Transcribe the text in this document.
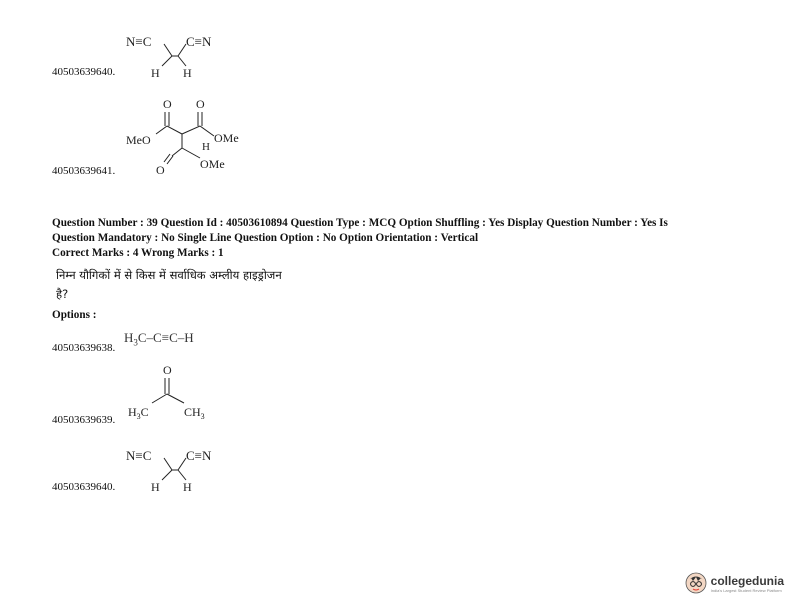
N≡C	C≡N
H H
40503639640.
O O
MeO	H
OMe
O	OMe
40503639641.
Question Number : 39 Question Id : 40503610894 Question Type : MCQ Option Shuffling : Yes Display Question Number : Yes Is
Question Mandatory : No Single Line Question Option : No Option Orientation : Vertical
Correct Marks : 4 Wrong Marks : 1
निम्न यौगिकों में से किस में सर्वाधिक अम्लीय हाइड्रोजन
है?
Options :
$H_3C-C\equiv C-H$
40503639638.
O
$H_3C$	$CH_3$
40503639639.
N≡C	C≡N
H H
40503639640.
collegedunia
India's Largest Student Review Platform
